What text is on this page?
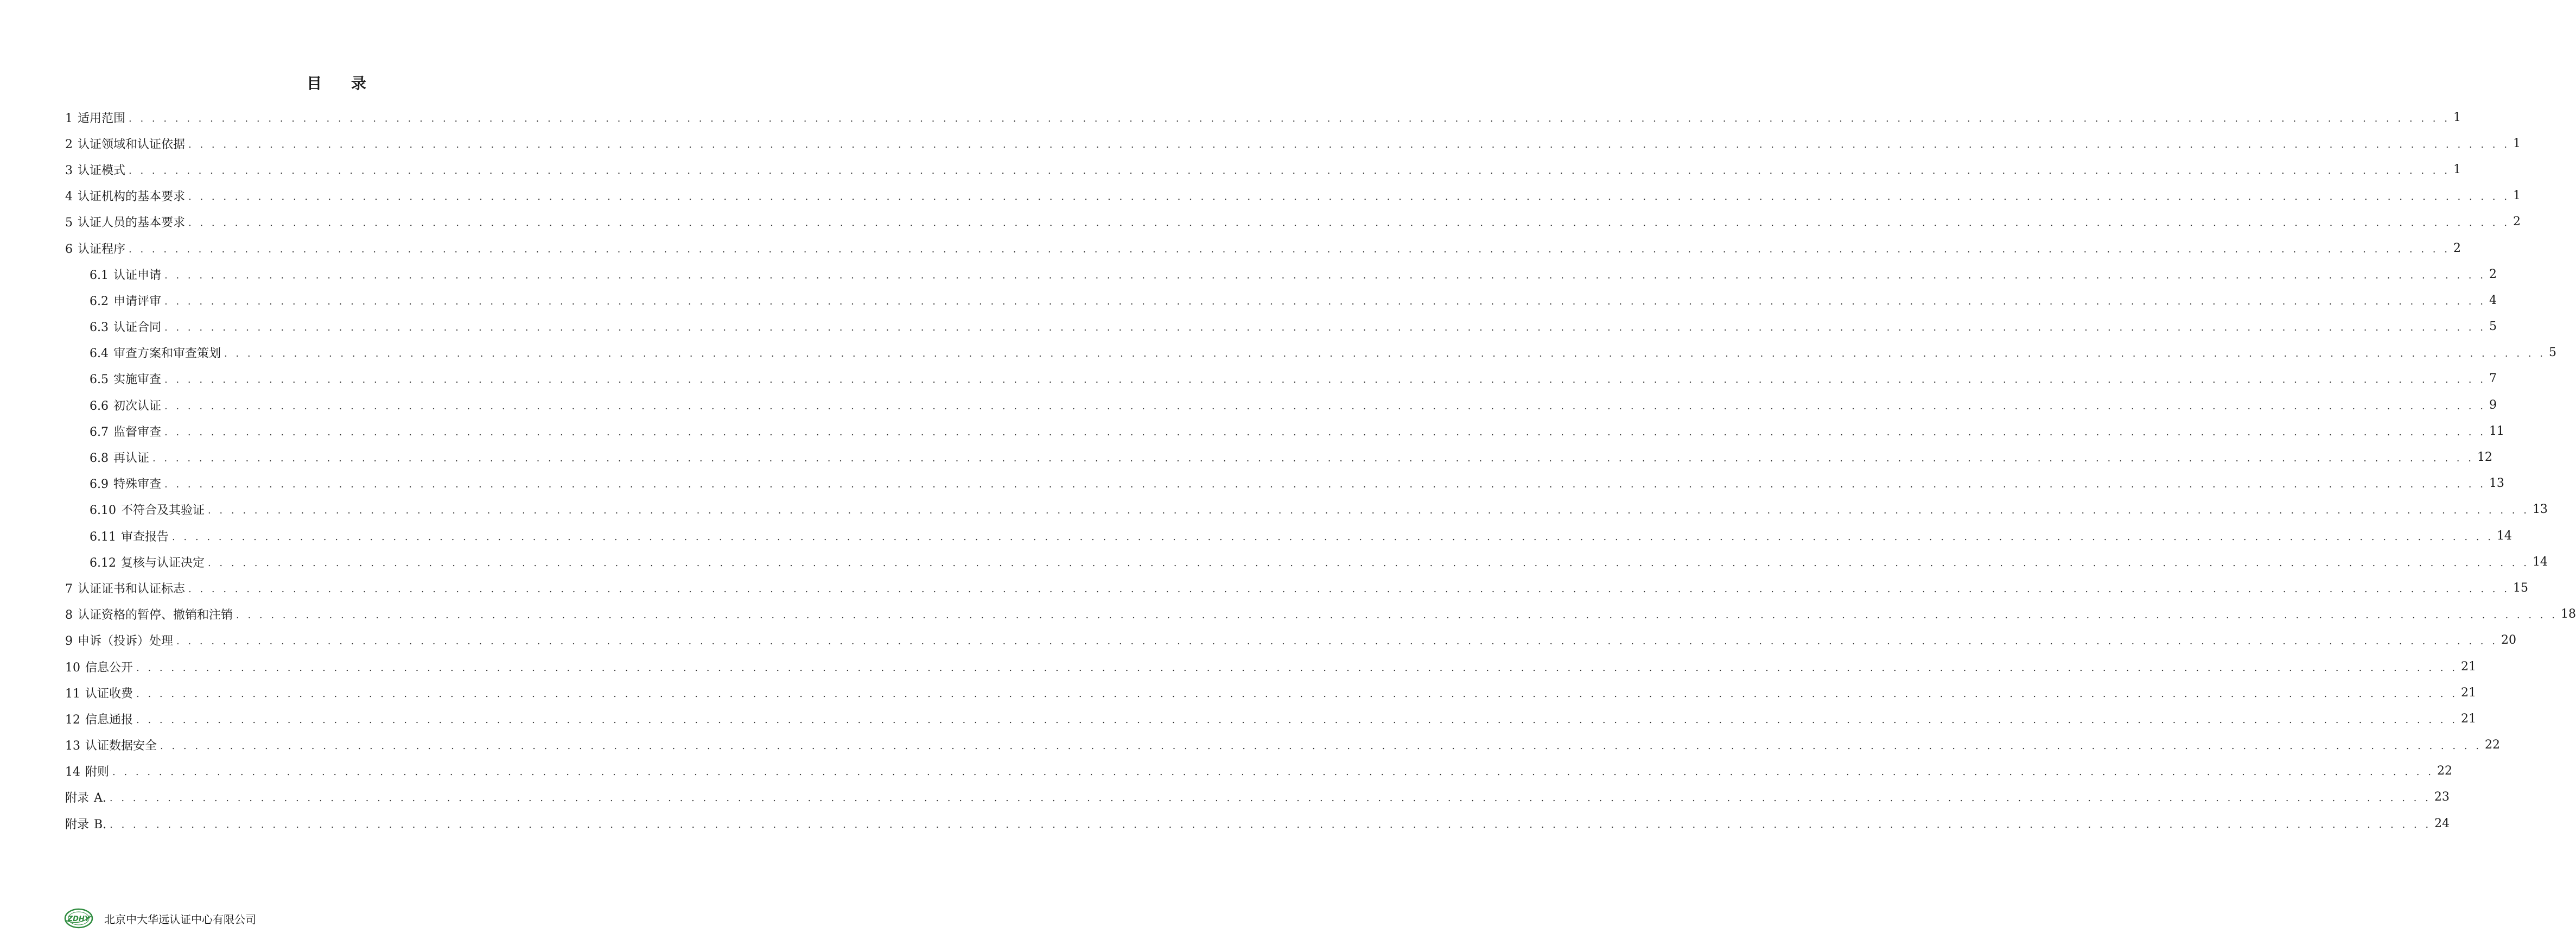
目 录
1 适用范围 . . . . . . . . . . . . . . . . . . . . . . . . . . . . . . . . . . . . . . . . . . . . . . . . . . . . . . . . . . . . . . . . . . . . . . . . . . . . . . . . . . . . . . . . . . . . . . . . . . . . . . . . . . . . . . . . . . . . . . . . . . . . . . . . . . . . . . . . . . . . . . . . . . . . . . . . . . . . . . . . . . . . . . . . . . . . . . . . . . . . . . . . . . . . . . . . . . . . . . . . 1
2 认证领域和认证依据 . . . . . . . . . . . . . . . . . . . . . . . . . . . . . . . . . . . . . . . . . . . . . . . . . . . . . . . . . . . . . . . . . . . . . . . . . . . . . . . . . . . . . . . . . . . . . . . . . . . . . . . . . . . . . . . . . . . . . . . . . . . . . . . . . . . . . . . . . . . . . . . . . . . . . . . . . . . . . . . . . . . . . . . . . . . . . . . . . . . . . . . . . . . . . . . . . . . . . . . . 1
3 认证模式 . . . . . . . . . . . . . . . . . . . . . . . . . . . . . . . . . . . . . . . . . . . . . . . . . . . . . . . . . . . . . . . . . . . . . . . . . . . . . . . . . . . . . . . . . . . . . . . . . . . . . . . . . . . . . . . . . . . . . . . . . . . . . . . . . . . . . . . . . . . . . . . . . . . . . . . . . . . . . . . . . . . . . . . . . . . . . . . . . . . . . . . . . . . . . . . . . . . . . . . . 1
4 认证机构的基本要求 . . . . . . . . . . . . . . . . . . . . . . . . . . . . . . . . . . . . . . . . . . . . . . . . . . . . . . . . . . . . . . . . . . . . . . . . . . . . . . . . . . . . . . . . . . . . . . . . . . . . . . . . . . . . . . . . . . . . . . . . . . . . . . . . . . . . . . . . . . . . . . . . . . . . . . . . . . . . . . . . . . . . . . . . . . . . . . . . . . . . . . . . . . . . . . . . . . . . . . . . 1
5 认证人员的基本要求 . . . . . . . . . . . . . . . . . . . . . . . . . . . . . . . . . . . . . . . . . . . . . . . . . . . . . . . . . . . . . . . . . . . . . . . . . . . . . . . . . . . . . . . . . . . . . . . . . . . . . . . . . . . . . . . . . . . . . . . . . . . . . . . . . . . . . . . . . . . . . . . . . . . . . . . . . . . . . . . . . . . . . . . . . . . . . . . . . . . . . . . . . . . . . . . . . . . . . . . . 2
6 认证程序 . . . . . . . . . . . . . . . . . . . . . . . . . . . . . . . . . . . . . . . . . . . . . . . . . . . . . . . . . . . . . . . . . . . . . . . . . . . . . . . . . . . . . . . . . . . . . . . . . . . . . . . . . . . . . . . . . . . . . . . . . . . . . . . . . . . . . . . . . . . . . . . . . . . . . . . . . . . . . . . . . . . . . . . . . . . . . . . . . . . . . . . . . . . . . . . . . . . . . . . . 2
6.1 认证申请 . . . . . . . . . . . . . . . . . . . . . . . . . . . . . . . . . . . . . . . . . . . . . . . . . . . . . . . . . . . . . . . . . . . . . . . . . . . . . . . . . . . . . . . . . . . . . . . . . . . . . . . . . . . . . . . . . . . . . . . . . . . . . . . . . . . . . . . . . . . . . . . . . . . . . . . . . . . . . . . . . . . . . . . . . . . . . . . . . . . . . . . . . . . . . . . . . . . . . . . . 2
6.2 申请评审 . . . . . . . . . . . . . . . . . . . . . . . . . . . . . . . . . . . . . . . . . . . . . . . . . . . . . . . . . . . . . . . . . . . . . . . . . . . . . . . . . . . . . . . . . . . . . . . . . . . . . . . . . . . . . . . . . . . . . . . . . . . . . . . . . . . . . . . . . . . . . . . . . . . . . . . . . . . . . . . . . . . . . . . . . . . . . . . . . . . . . . . . . . . . . . . . . . . . . . . . 4
6.3 认证合同 . . . . . . . . . . . . . . . . . . . . . . . . . . . . . . . . . . . . . . . . . . . . . . . . . . . . . . . . . . . . . . . . . . . . . . . . . . . . . . . . . . . . . . . . . . . . . . . . . . . . . . . . . . . . . . . . . . . . . . . . . . . . . . . . . . . . . . . . . . . . . . . . . . . . . . . . . . . . . . . . . . . . . . . . . . . . . . . . . . . . . . . . . . . . . . . . . . . . . . . . 5
6.4 审查方案和审查策划 . . . . . . . . . . . . . . . . . . . . . . . . . . . . . . . . . . . . . . . . . . . . . . . . . . . . . . . . . . . . . . . . . . . . . . . . . . . . . . . . . . . . . . . . . . . . . . . . . . . . . . . . . . . . . . . . . . . . . . . . . . . . . . . . . . . . . . . . . . . . . . . . . . . . . . . . . . . . . . . . . . . . . . . . . . . . . . . . . . . . . . . . . . . . . . . . . . . . . . . . 5
6.5 实施审查 . . . . . . . . . . . . . . . . . . . . . . . . . . . . . . . . . . . . . . . . . . . . . . . . . . . . . . . . . . . . . . . . . . . . . . . . . . . . . . . . . . . . . . . . . . . . . . . . . . . . . . . . . . . . . . . . . . . . . . . . . . . . . . . . . . . . . . . . . . . . . . . . . . . . . . . . . . . . . . . . . . . . . . . . . . . . . . . . . . . . . . . . . . . . . . . . . . . . . . . . 7
6.6 初次认证 . . . . . . . . . . . . . . . . . . . . . . . . . . . . . . . . . . . . . . . . . . . . . . . . . . . . . . . . . . . . . . . . . . . . . . . . . . . . . . . . . . . . . . . . . . . . . . . . . . . . . . . . . . . . . . . . . . . . . . . . . . . . . . . . . . . . . . . . . . . . . . . . . . . . . . . . . . . . . . . . . . . . . . . . . . . . . . . . . . . . . . . . . . . . . . . . . . . . . . . . 9
6.7 监督审查 . . . . . . . . . . . . . . . . . . . . . . . . . . . . . . . . . . . . . . . . . . . . . . . . . . . . . . . . . . . . . . . . . . . . . . . . . . . . . . . . . . . . . . . . . . . . . . . . . . . . . . . . . . . . . . . . . . . . . . . . . . . . . . . . . . . . . . . . . . . . . . . . . . . . . . . . . . . . . . . . . . . . . . . . . . . . . . . . . . . . . . . . . . . . . . . . . . . . . . . . 11
6.8 再认证 . . . . . . . . . . . . . . . . . . . . . . . . . . . . . . . . . . . . . . . . . . . . . . . . . . . . . . . . . . . . . . . . . . . . . . . . . . . . . . . . . . . . . . . . . . . . . . . . . . . . . . . . . . . . . . . . . . . . . . . . . . . . . . . . . . . . . . . . . . . . . . . . . . . . . . . . . . . . . . . . . . . . . . . . . . . . . . . . . . . . . . . . . . . . . . . . . . . . . . . . 12
6.9 特殊审查 . . . . . . . . . . . . . . . . . . . . . . . . . . . . . . . . . . . . . . . . . . . . . . . . . . . . . . . . . . . . . . . . . . . . . . . . . . . . . . . . . . . . . . . . . . . . . . . . . . . . . . . . . . . . . . . . . . . . . . . . . . . . . . . . . . . . . . . . . . . . . . . . . . . . . . . . . . . . . . . . . . . . . . . . . . . . . . . . . . . . . . . . . . . . . . . . . . . . . . . . 13
6.10 不符合及其验证 . . . . . . . . . . . . . . . . . . . . . . . . . . . . . . . . . . . . . . . . . . . . . . . . . . . . . . . . . . . . . . . . . . . . . . . . . . . . . . . . . . . . . . . . . . . . . . . . . . . . . . . . . . . . . . . . . . . . . . . . . . . . . . . . . . . . . . . . . . . . . . . . . . . . . . . . . . . . . . . . . . . . . . . . . . . . . . . . . . . . . . . . . . . . . . . . . . . . . . . . 13
6.11 审查报告 . . . . . . . . . . . . . . . . . . . . . . . . . . . . . . . . . . . . . . . . . . . . . . . . . . . . . . . . . . . . . . . . . . . . . . . . . . . . . . . . . . . . . . . . . . . . . . . . . . . . . . . . . . . . . . . . . . . . . . . . . . . . . . . . . . . . . . . . . . . . . . . . . . . . . . . . . . . . . . . . . . . . . . . . . . . . . . . . . . . . . . . . . . . . . . . . . . . . . . . . 14
6.12 复核与认证决定 . . . . . . . . . . . . . . . . . . . . . . . . . . . . . . . . . . . . . . . . . . . . . . . . . . . . . . . . . . . . . . . . . . . . . . . . . . . . . . . . . . . . . . . . . . . . . . . . . . . . . . . . . . . . . . . . . . . . . . . . . . . . . . . . . . . . . . . . . . . . . . . . . . . . . . . . . . . . . . . . . . . . . . . . . . . . . . . . . . . . . . . . . . . . . . . . . . . . . . . . 14
7 认证证书和认证标志 . . . . . . . . . . . . . . . . . . . . . . . . . . . . . . . . . . . . . . . . . . . . . . . . . . . . . . . . . . . . . . . . . . . . . . . . . . . . . . . . . . . . . . . . . . . . . . . . . . . . . . . . . . . . . . . . . . . . . . . . . . . . . . . . . . . . . . . . . . . . . . . . . . . . . . . . . . . . . . . . . . . . . . . . . . . . . . . . . . . . . . . . . . . . . . . . . . . . . . . . 15
8 认证资格的暂停、撤销和注销 . . . . . . . . . . . . . . . . . . . . . . . . . . . . . . . . . . . . . . . . . . . . . . . . . . . . . . . . . . . . . . . . . . . . . . . . . . . . . . . . . . . . . . . . . . . . . . . . . . . . . . . . . . . . . . . . . . . . . . . . . . . . . . . . . . . . . . . . . . . . . . . . . . . . . . . . . . . . . . . . . . . . . . . . . . . . . . . . . . . . . . . . . . . . . . . . . . . . . . . . 18
9 申诉（投诉）处理 . . . . . . . . . . . . . . . . . . . . . . . . . . . . . . . . . . . . . . . . . . . . . . . . . . . . . . . . . . . . . . . . . . . . . . . . . . . . . . . . . . . . . . . . . . . . . . . . . . . . . . . . . . . . . . . . . . . . . . . . . . . . . . . . . . . . . . . . . . . . . . . . . . . . . . . . . . . . . . . . . . . . . . . . . . . . . . . . . . . . . . . . . . . . . . . . . . . . . . . . 20
10 信息公开 . . . . . . . . . . . . . . . . . . . . . . . . . . . . . . . . . . . . . . . . . . . . . . . . . . . . . . . . . . . . . . . . . . . . . . . . . . . . . . . . . . . . . . . . . . . . . . . . . . . . . . . . . . . . . . . . . . . . . . . . . . . . . . . . . . . . . . . . . . . . . . . . . . . . . . . . . . . . . . . . . . . . . . . . . . . . . . . . . . . . . . . . . . . . . . . . . . . . . . . . 21
11 认证收费 . . . . . . . . . . . . . . . . . . . . . . . . . . . . . . . . . . . . . . . . . . . . . . . . . . . . . . . . . . . . . . . . . . . . . . . . . . . . . . . . . . . . . . . . . . . . . . . . . . . . . . . . . . . . . . . . . . . . . . . . . . . . . . . . . . . . . . . . . . . . . . . . . . . . . . . . . . . . . . . . . . . . . . . . . . . . . . . . . . . . . . . . . . . . . . . . . . . . . . . . 21
12 信息通报 . . . . . . . . . . . . . . . . . . . . . . . . . . . . . . . . . . . . . . . . . . . . . . . . . . . . . . . . . . . . . . . . . . . . . . . . . . . . . . . . . . . . . . . . . . . . . . . . . . . . . . . . . . . . . . . . . . . . . . . . . . . . . . . . . . . . . . . . . . . . . . . . . . . . . . . . . . . . . . . . . . . . . . . . . . . . . . . . . . . . . . . . . . . . . . . . . . . . . . . . 21
13 认证数据安全 . . . . . . . . . . . . . . . . . . . . . . . . . . . . . . . . . . . . . . . . . . . . . . . . . . . . . . . . . . . . . . . . . . . . . . . . . . . . . . . . . . . . . . . . . . . . . . . . . . . . . . . . . . . . . . . . . . . . . . . . . . . . . . . . . . . . . . . . . . . . . . . . . . . . . . . . . . . . . . . . . . . . . . . . . . . . . . . . . . . . . . . . . . . . . . . . . . . . . . . . 22
14 附则 . . . . . . . . . . . . . . . . . . . . . . . . . . . . . . . . . . . . . . . . . . . . . . . . . . . . . . . . . . . . . . . . . . . . . . . . . . . . . . . . . . . . . . . . . . . . . . . . . . . . . . . . . . . . . . . . . . . . . . . . . . . . . . . . . . . . . . . . . . . . . . . . . . . . . . . . . . . . . . . . . . . . . . . . . . . . . . . . . . . . . . . . . . . . . . . . . . . . . . . . 22
附录 A. . . . . . . . . . . . . . . . . . . . . . . . . . . . . . . . . . . . . . . . . . . . . . . . . . . . . . . . . . . . . . . . . . . . . . . . . . . . . . . . . . . . . . . . . . . . . . . . . . . . . . . . . . . . . . . . . . . . . . . . . . . . . . . . . . . . . . . . . . . . . . . . . . . . . . . . . . . . . . . . . . . . . . . . . . . . . . . . . . . . . . . . . . . . . . . . . . . . . . . . . 23
附录 B. . . . . . . . . . . . . . . . . . . . . . . . . . . . . . . . . . . . . . . . . . . . . . . . . . . . . . . . . . . . . . . . . . . . . . . . . . . . . . . . . . . . . . . . . . . . . . . . . . . . . . . . . . . . . . . . . . . . . . . . . . . . . . . . . . . . . . . . . . . . . . . . . . . . . . . . . . . . . . . . . . . . . . . . . . . . . . . . . . . . . . . . . . . . . . . . . . . . . . . . . 24
ZDHY 北京中大华远认证中心有限公司
